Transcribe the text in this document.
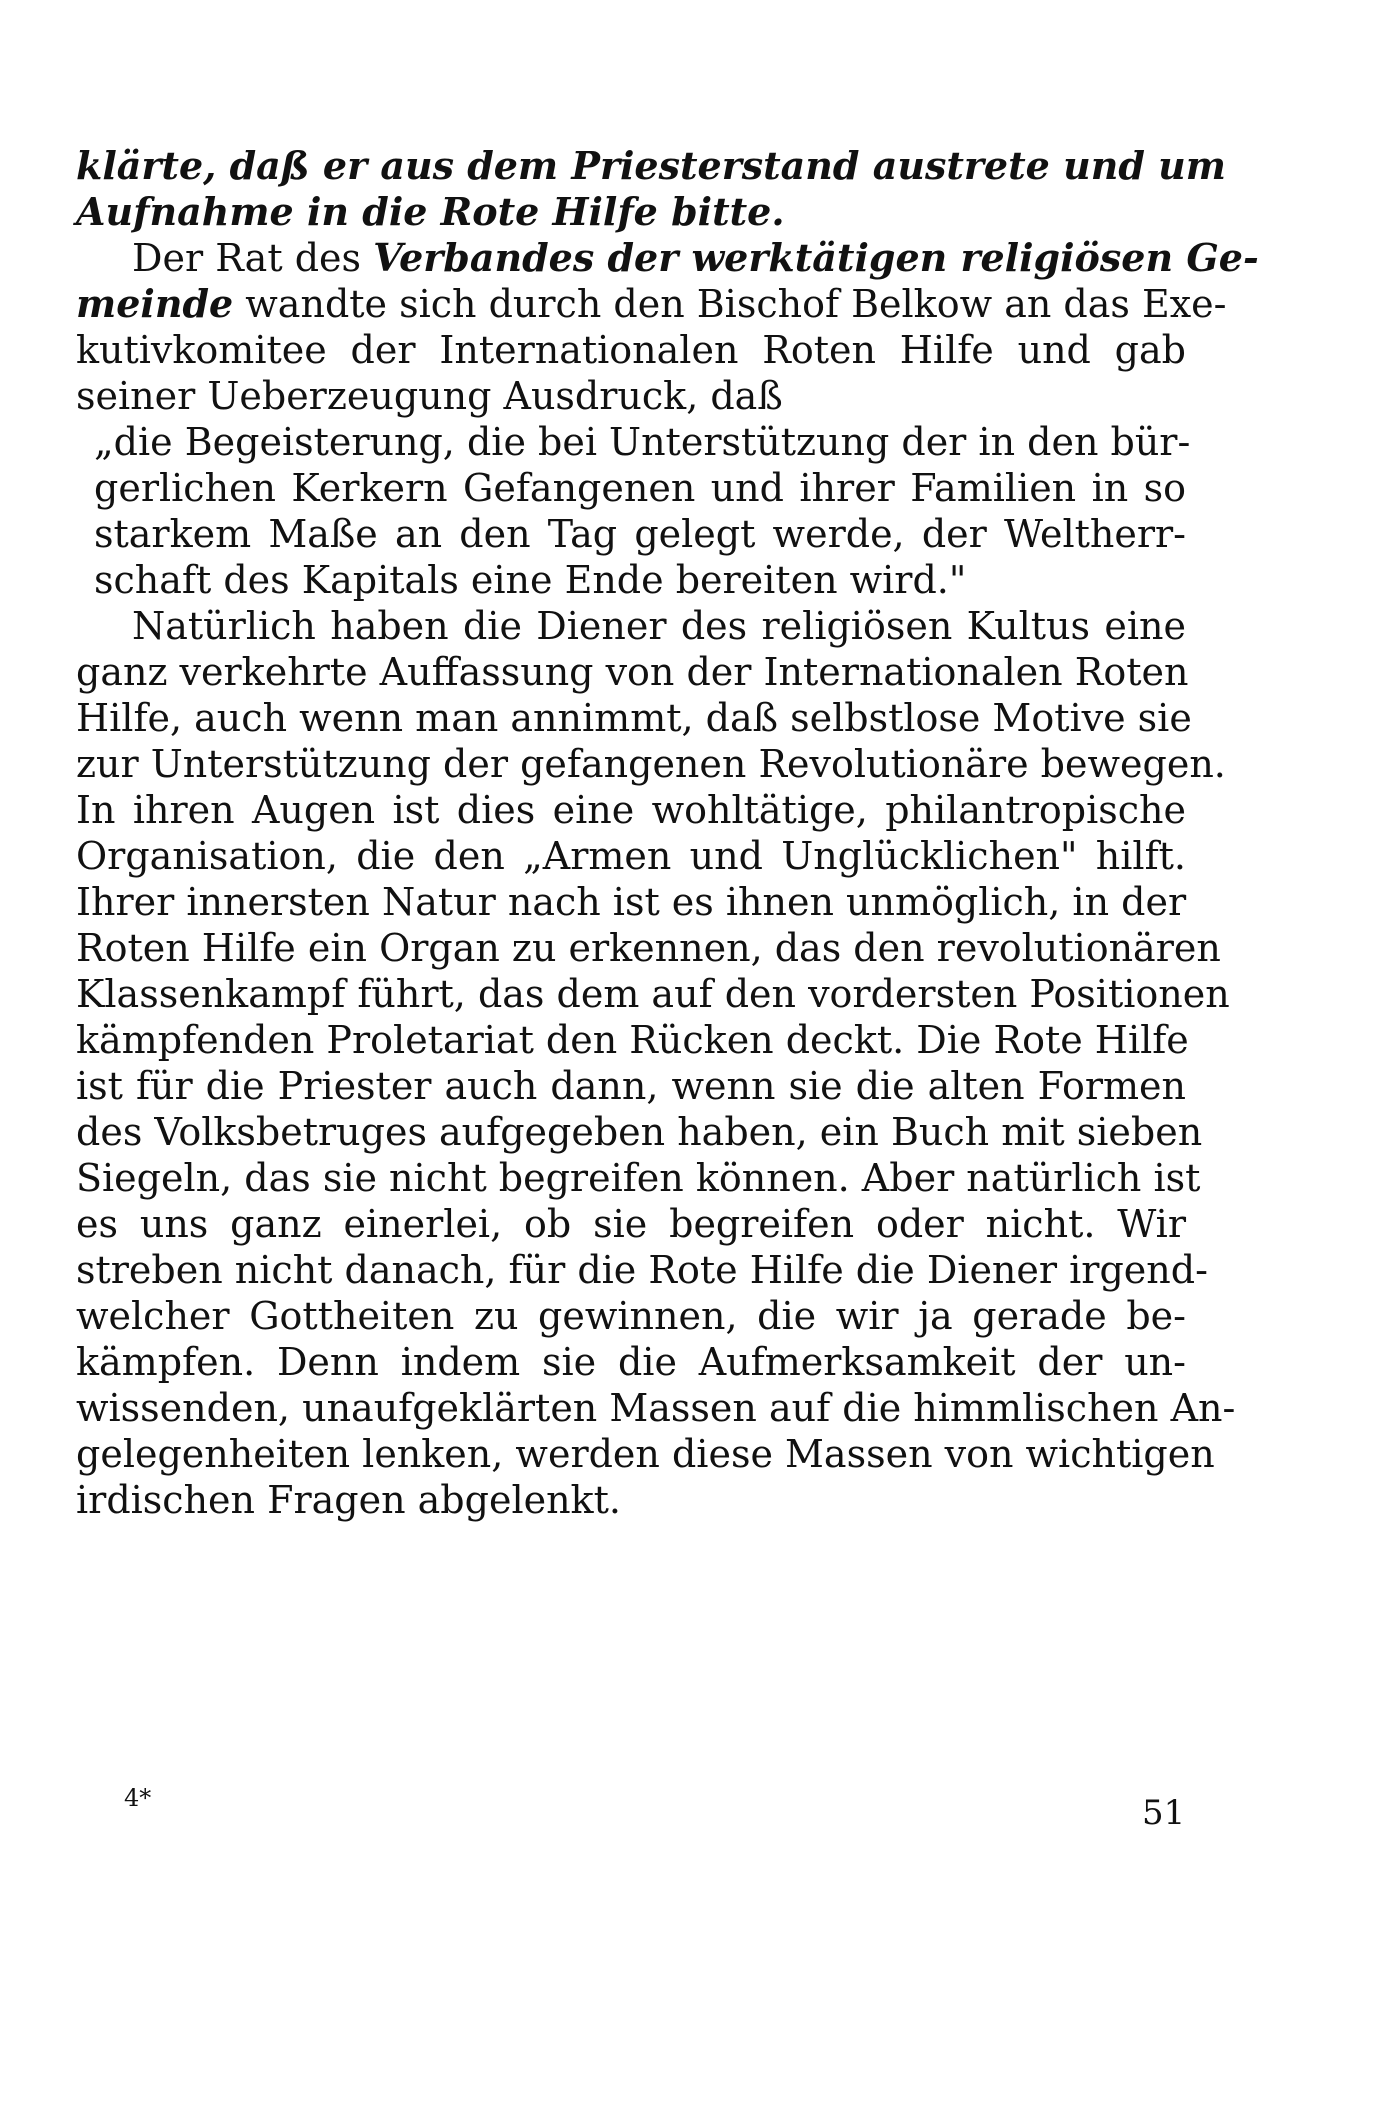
klärte, daß er aus dem Priesterstand austrete und um
Aufnahme in die Rote Hilfe bitte.
Der Rat des Verbandes der werktätigen religiösen Ge-
meinde wandte sich durch den Bischof Belkow an das Exe-
kutivkomitee der Internationalen Roten Hilfe und gab
seiner Ueberzeugung Ausdruck, daß
„die Begeisterung, die bei Unterstützung der in den bür-
gerlichen Kerkern Gefangenen und ihrer Familien in so
starkem Maße an den Tag gelegt werde, der Weltherr-
schaft des Kapitals eine Ende bereiten wird."
Natürlich haben die Diener des religiösen Kultus eine
ganz verkehrte Auffassung von der Internationalen Roten
Hilfe, auch wenn man annimmt, daß selbstlose Motive sie
zur Unterstützung der gefangenen Revolutionäre bewegen.
In ihren Augen ist dies eine wohltätige, philantropische
Organisation, die den „Armen und Unglücklichen" hilft.
Ihrer innersten Natur nach ist es ihnen unmöglich, in der
Roten Hilfe ein Organ zu erkennen, das den revolutionären
Klassenkampf führt, das dem auf den vordersten Positionen
kämpfenden Proletariat den Rücken deckt. Die Rote Hilfe
ist für die Priester auch dann, wenn sie die alten Formen
des Volksbetruges aufgegeben haben, ein Buch mit sieben
Siegeln, das sie nicht begreifen können. Aber natürlich ist
es uns ganz einerlei, ob sie begreifen oder nicht. Wir
streben nicht danach, für die Rote Hilfe die Diener irgend-
welcher Gottheiten zu gewinnen, die wir ja gerade be-
kämpfen. Denn indem sie die Aufmerksamkeit der un-
wissenden, unaufgeklärten Massen auf die himmlischen An-
gelegenheiten lenken, werden diese Massen von wichtigen
irdischen Fragen abgelenkt.
4*	51
